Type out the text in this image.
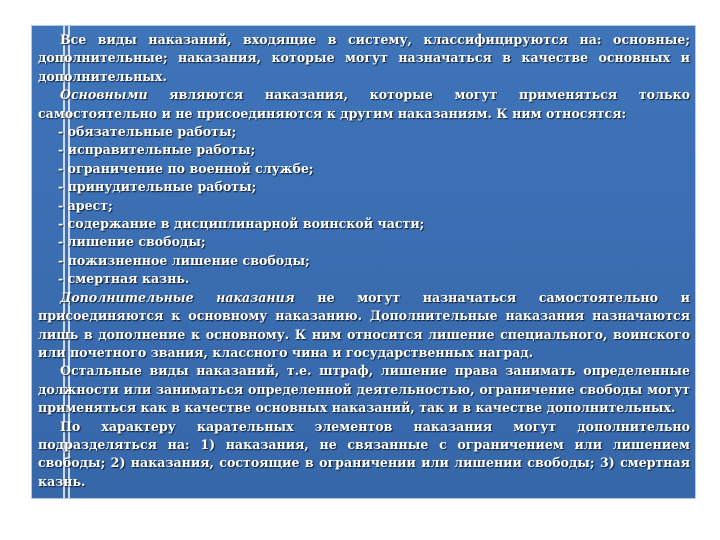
Все виды наказаний, входящие в систему, классифицируются на: основные; дополнительные; наказания, которые могут назначаться в качестве основных и дополнительных.

Основными являются наказания, которые могут применяться только самостоятельно и не присоединяются к другим наказаниям. К ним относятся:

- обязательные работы;
- исправительные работы;
- ограничение по военной службе;
- принудительные работы;
- арест;
- содержание в дисциплинарной воинской части;
- лишение свободы;
- пожизненное лишение свободы;
- смертная казнь.

Дополнительные наказания не могут назначаться самостоятельно и присоединяются к основному наказанию. Дополнительные наказания назначаются лишь в дополнение к основному. К ним относится лишение специального, воинского или почетного звания, классного чина и государственных наград.

Остальные виды наказаний, т.е. штраф, лишение права занимать определенные должности или заниматься определенной деятельностью, ограничение свободы могут применяться как в качестве основных наказаний, так и в качестве дополнительных.

По характеру карательных элементов наказания могут дополнительно подразделяться на: 1) наказания, не связанные с ограничением или лишением свободы; 2) наказания, состоящие в ограничении или лишении свободы; 3) смертная казнь.
